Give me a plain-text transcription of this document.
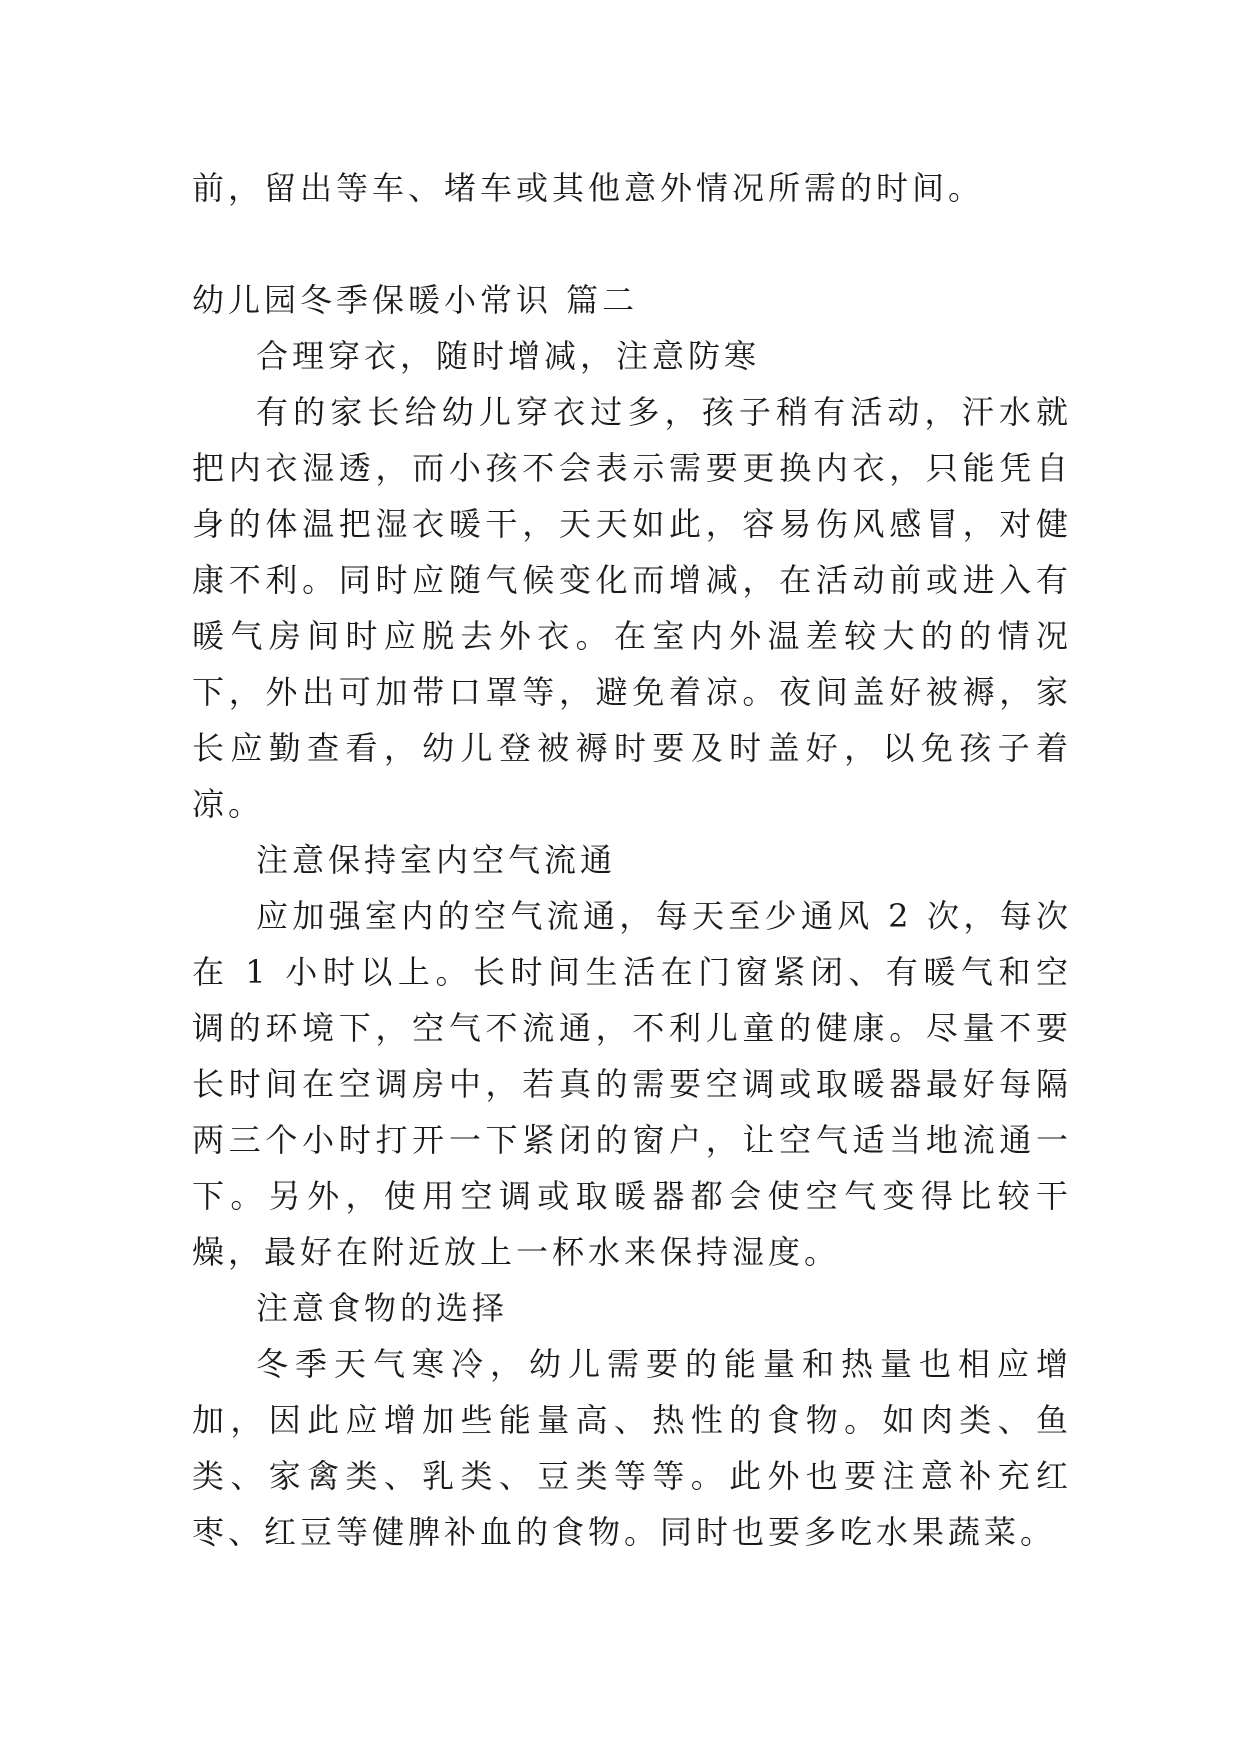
前，留出等车、堵车或其他意外情况所需的时间。

幼儿园冬季保暖小常识 篇二

合理穿衣，随时增减，注意防寒

有的家长给幼儿穿衣过多，孩子稍有活动，汗水就把内衣湿透，而小孩不会表示需要更换内衣，只能凭自身的体温把湿衣暖干，天天如此，容易伤风感冒，对健康不利。同时应随气候变化而增减，在活动前或进入有暖气房间时应脱去外衣。在室内外温差较大的的情况下，外出可加带口罩等，避免着凉。夜间盖好被褥，家长应勤查看，幼儿登被褥时要及时盖好，以免孩子着凉。

注意保持室内空气流通

应加强室内的空气流通，每天至少通风 2 次，每次在 1 小时以上。长时间生活在门窗紧闭、有暖气和空调的环境下，空气不流通，不利儿童的健康。尽量不要长时间在空调房中，若真的需要空调或取暖器最好每隔两三个小时打开一下紧闭的窗户，让空气适当地流通一下。另外，使用空调或取暖器都会使空气变得比较干燥，最好在附近放上一杯水来保持湿度。

注意食物的选择

冬季天气寒冷，幼儿需要的能量和热量也相应增加，因此应增加些能量高、热性的食物。如肉类、鱼类、家禽类、乳类、豆类等等。此外也要注意补充红枣、红豆等健脾补血的食物。同时也要多吃水果蔬菜。
